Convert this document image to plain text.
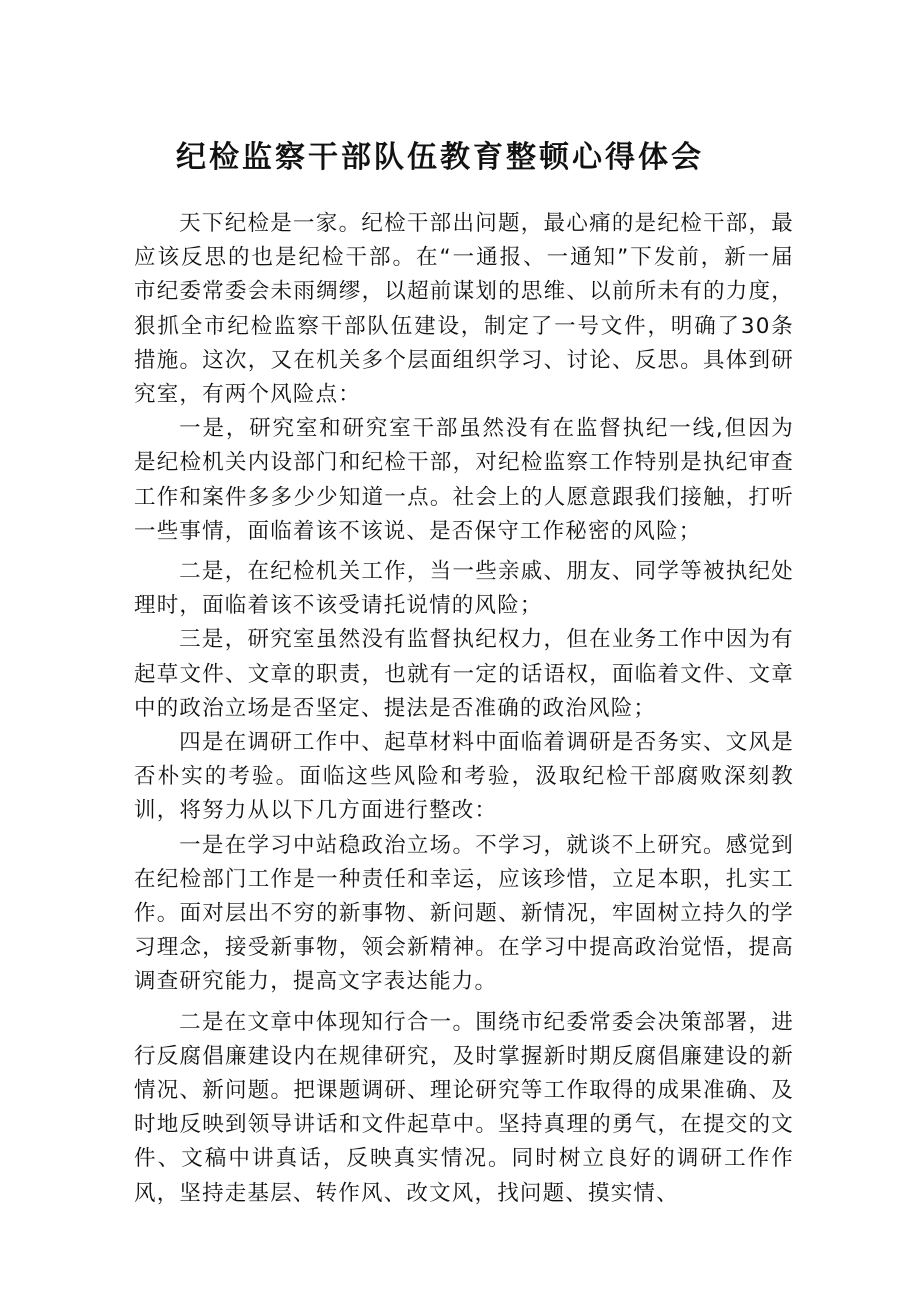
纪检监察干部队伍教育整顿心得体会

天下纪检是一家。纪检干部出问题，最心痛的是纪检干部，最应该反思的也是纪检干部。在“一通报、一通知”下发前，新一届市纪委常委会未雨绸缪，以超前谋划的思维、以前所未有的力度，狠抓全市纪检监察干部队伍建设，制定了一号文件，明确了30条措施。这次，又在机关多个层面组织学习、讨论、反思。具体到研究室，有两个风险点：

一是，研究室和研究室干部虽然没有在监督执纪一线,但因为是纪检机关内设部门和纪检干部，对纪检监察工作特别是执纪审查工作和案件多多少少知道一点。社会上的人愿意跟我们接触，打听一些事情，面临着该不该说、是否保守工作秘密的风险；

二是，在纪检机关工作，当一些亲戚、朋友、同学等被执纪处理时，面临着该不该受请托说情的风险；

三是，研究室虽然没有监督执纪权力，但在业务工作中因为有起草文件、文章的职责，也就有一定的话语权，面临着文件、文章中的政治立场是否坚定、提法是否准确的政治风险；

四是在调研工作中、起草材料中面临着调研是否务实、文风是否朴实的考验。面临这些风险和考验，汲取纪检干部腐败深刻教训，将努力从以下几方面进行整改：

一是在学习中站稳政治立场。不学习，就谈不上研究。感觉到在纪检部门工作是一种责任和幸运，应该珍惜，立足本职，扎实工作。面对层出不穷的新事物、新问题、新情况，牢固树立持久的学习理念，接受新事物，领会新精神。在学习中提高政治觉悟，提高调查研究能力，提高文字表达能力。

二是在文章中体现知行合一。围绕市纪委常委会决策部署，进行反腐倡廉建设内在规律研究，及时掌握新时期反腐倡廉建设的新情况、新问题。把课题调研、理论研究等工作取得的成果准确、及时地反映到领导讲话和文件起草中。坚持真理的勇气，在提交的文件、文稿中讲真话，反映真实情况。同时树立良好的调研工作作风，坚持走基层、转作风、改文风，找问题、摸实情、
